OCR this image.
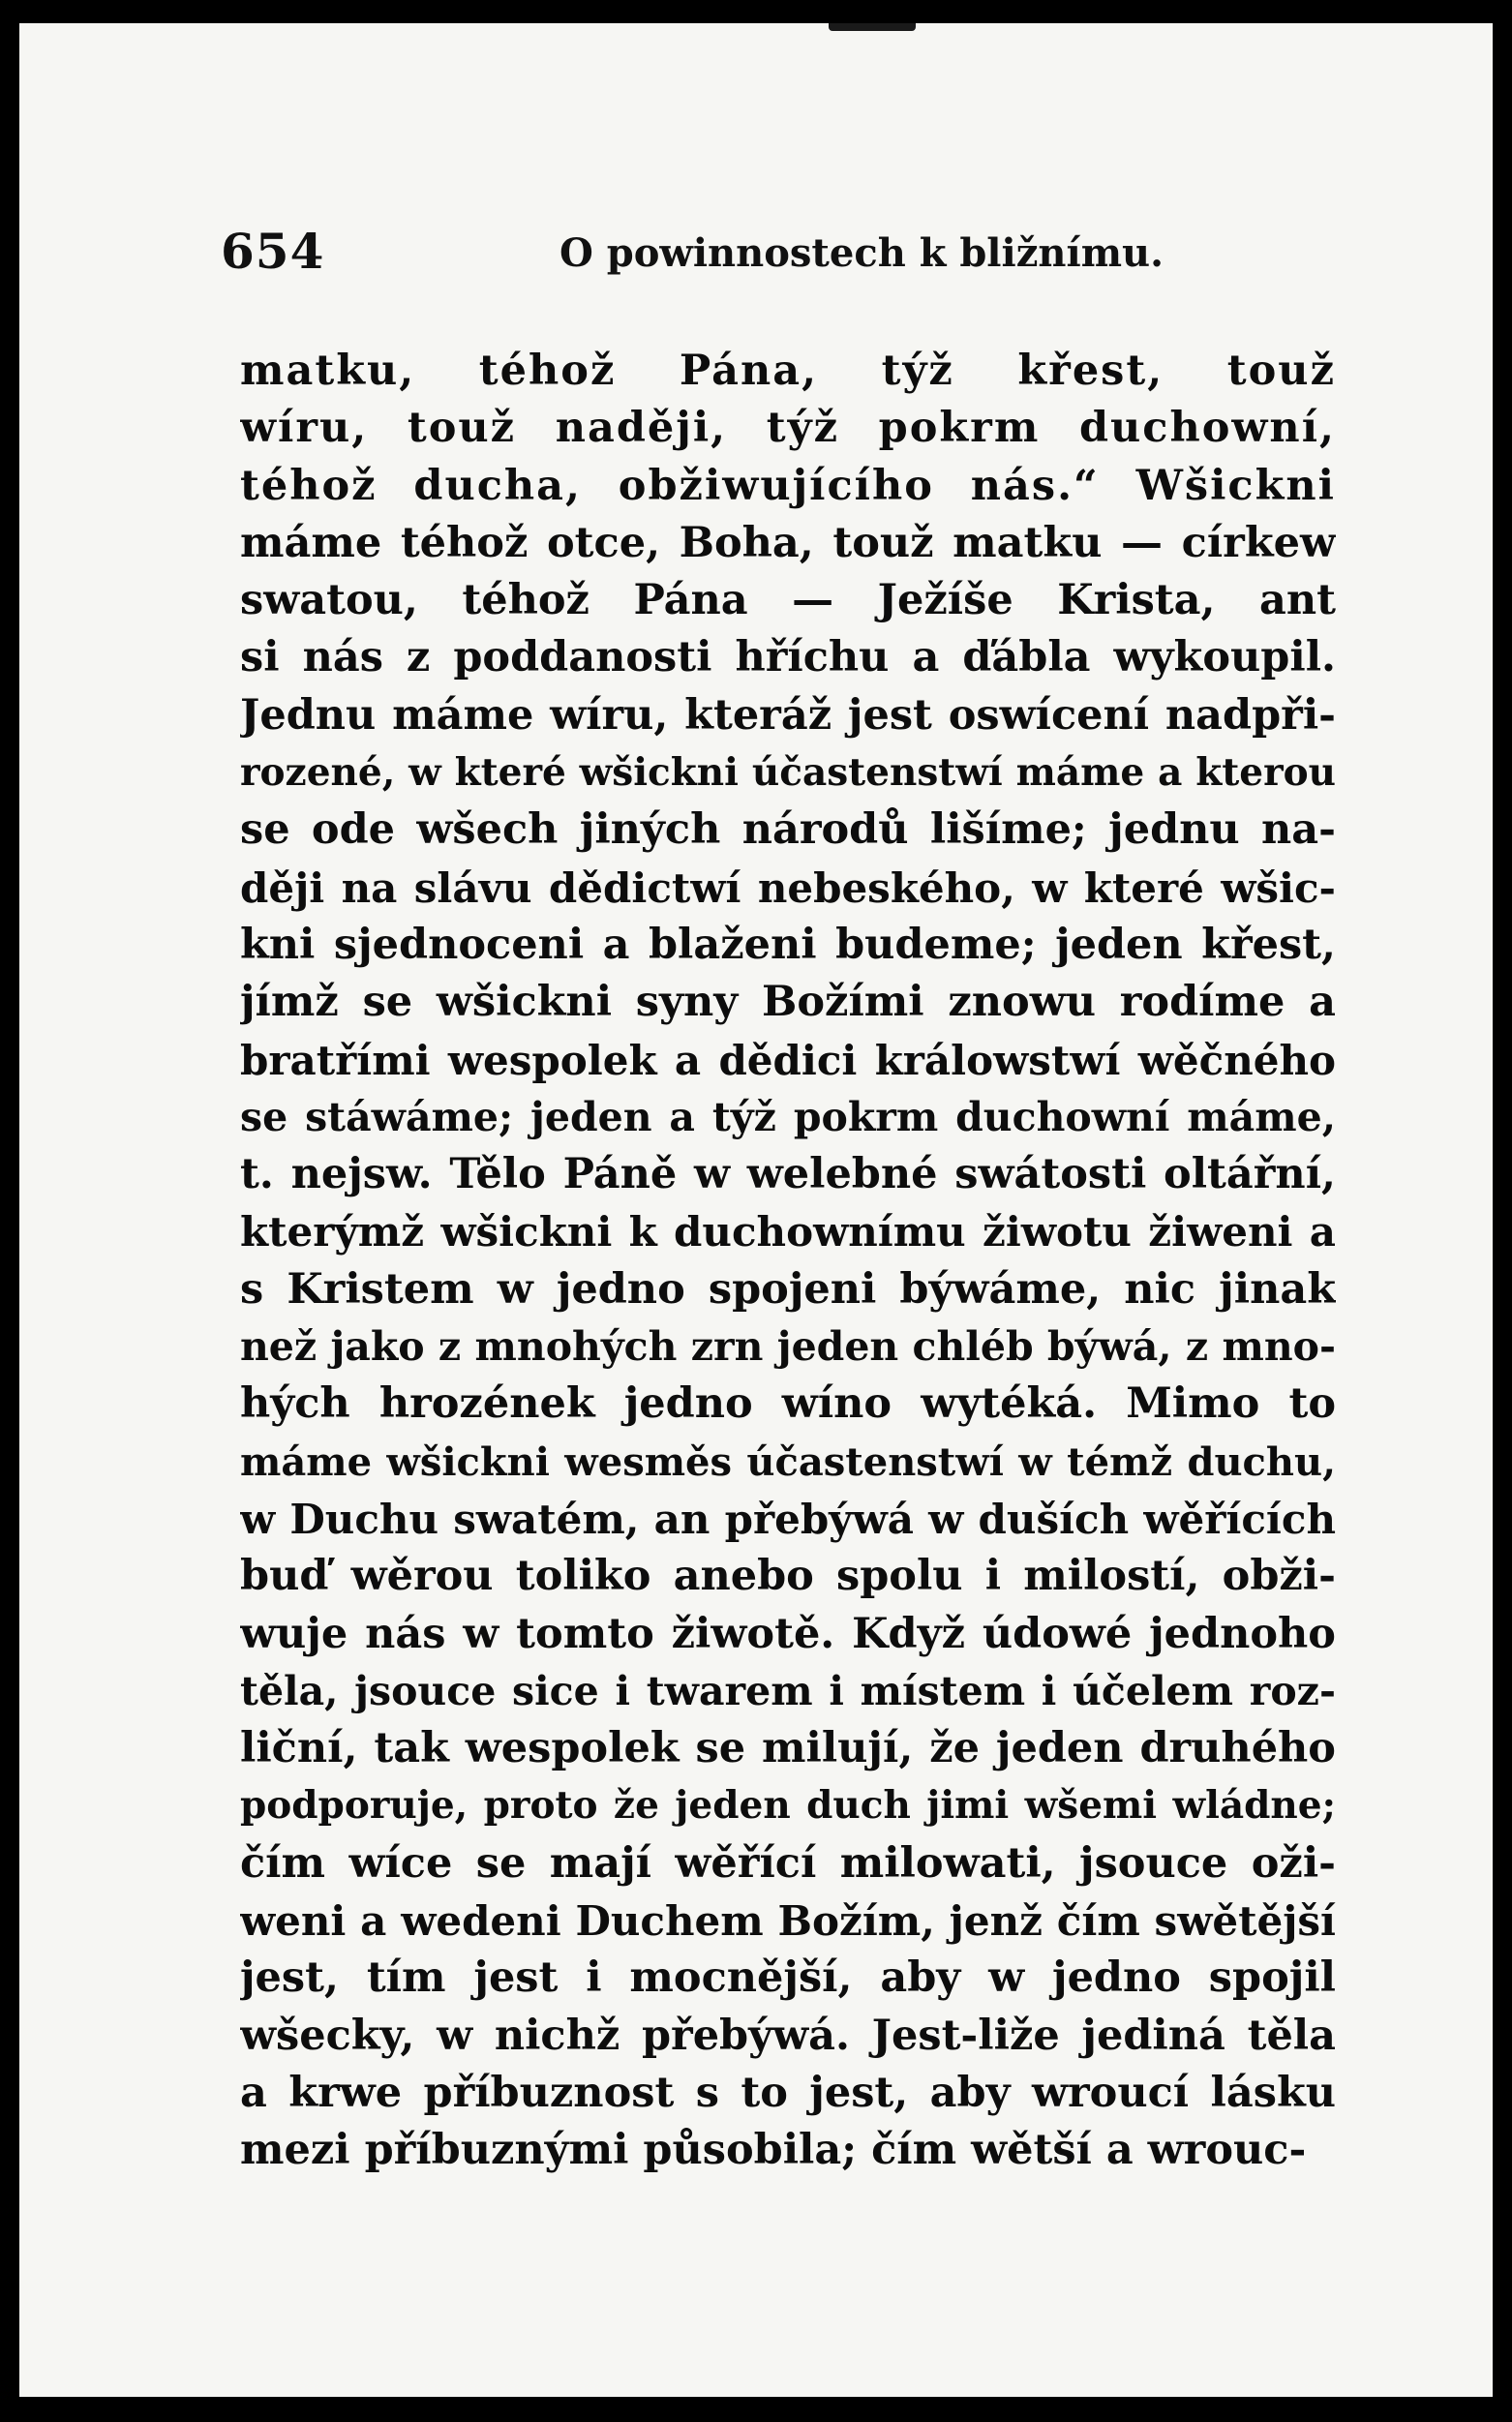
654	O powinnostech k bližnímu.
matku, téhož Pána, týž křest, touž
wíru, touž naději, týž pokrm duchowní,
téhož ducha, obžiwujícího nás.“ Wšickni
máme téhož otce, Boha, touž matku — církew
swatou, téhož Pána — Ježíše Krista, ant
si nás z poddanosti hříchu a ďábla wykoupil.
Jednu máme wíru, kteráž jest oswícení nadpři-
rozené, w které wšickni účastenstwí máme a kterou
se ode wšech jiných národů lišíme; jednu na-
ději na slávu dědictwí nebeského, w které wšic-
kni sjednoceni a blaženi budeme; jeden křest,
jímž se wšickni syny Božími znowu rodíme a
bratřími wespolek a dědici králowstwí wěčného
se stáwáme; jeden a týž pokrm duchowní máme,
t. nejsw. Tělo Páně w welebné swátosti oltářní,
kterýmž wšickni k duchownímu žiwotu žiweni a
s Kristem w jedno spojeni býwáme, nic jinak
než jako z mnohých zrn jeden chléb býwá, z mno-
hých hrozének jedno wíno wytéká. Mimo to
máme wšickni wesměs účastenstwí w témž duchu,
w Duchu swatém, an přebýwá w duších wěřících
buď wěrou toliko anebo spolu i milostí, obži-
wuje nás w tomto žiwotě. Když údowé jednoho
těla, jsouce sice i twarem i místem i účelem roz-
liční, tak wespolek se milují, že jeden druhého
podporuje, proto že jeden duch jimi wšemi wládne;
čím wíce se mají wěřící milowati, jsouce oži-
weni a wedeni Duchem Božím, jenž čím swětější
jest, tím jest i mocnější, aby w jedno spojil
wšecky, w nichž přebýwá. Jest-liže jediná těla
a krwe příbuznost s to jest, aby wroucí lásku
mezi příbuznými působila; čím wětší a wrouc-
